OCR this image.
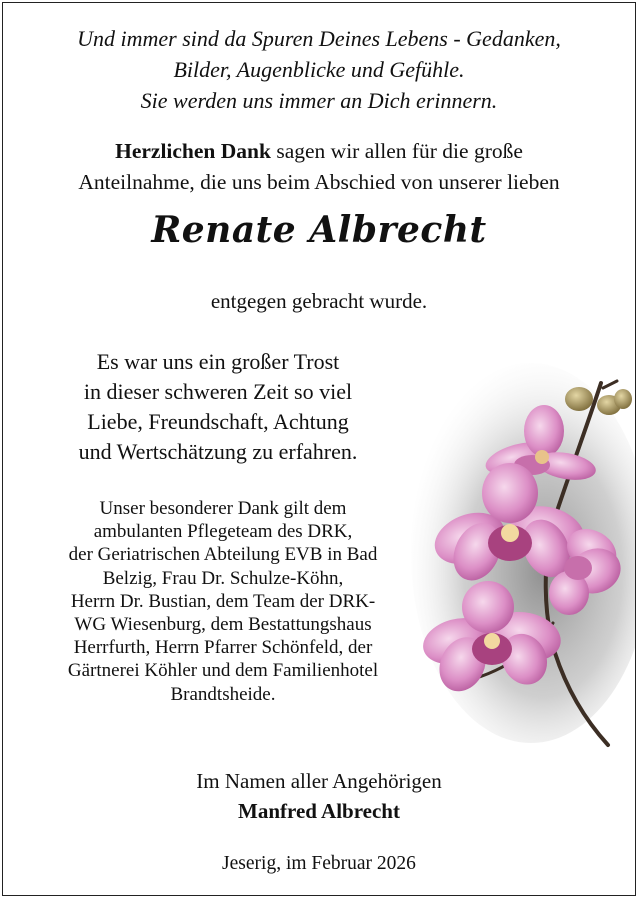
Und immer sind da Spuren Deines Lebens - Gedanken,
Bilder, Augenblicke und Gefühle.
Sie werden uns immer an Dich erinnern.
Herzlichen Dank sagen wir allen für die große
Anteilnahme, die uns beim Abschied von unserer lieben
Renate Albrecht
entgegen gebracht wurde.
Es war uns ein großer Trost
in dieser schweren Zeit so viel
Liebe, Freundschaft, Achtung
und Wertschätzung zu erfahren.
Unser besonderer Dank gilt dem
ambulanten Pflegeteam des DRK,
der Geriatrischen Abteilung EVB in Bad
Belzig, Frau Dr. Schulze-Köhn,
Herrn Dr. Bustian, dem Team der DRK-
WG Wiesenburg, dem Bestattungshaus
Herrfurth, Herrn Pfarrer Schönfeld, der
Gärtnerei Köhler und dem Familienhotel
Brandtsheide.
Im Namen aller Angehörigen
Manfred Albrecht
Jeserig, im Februar 2026
